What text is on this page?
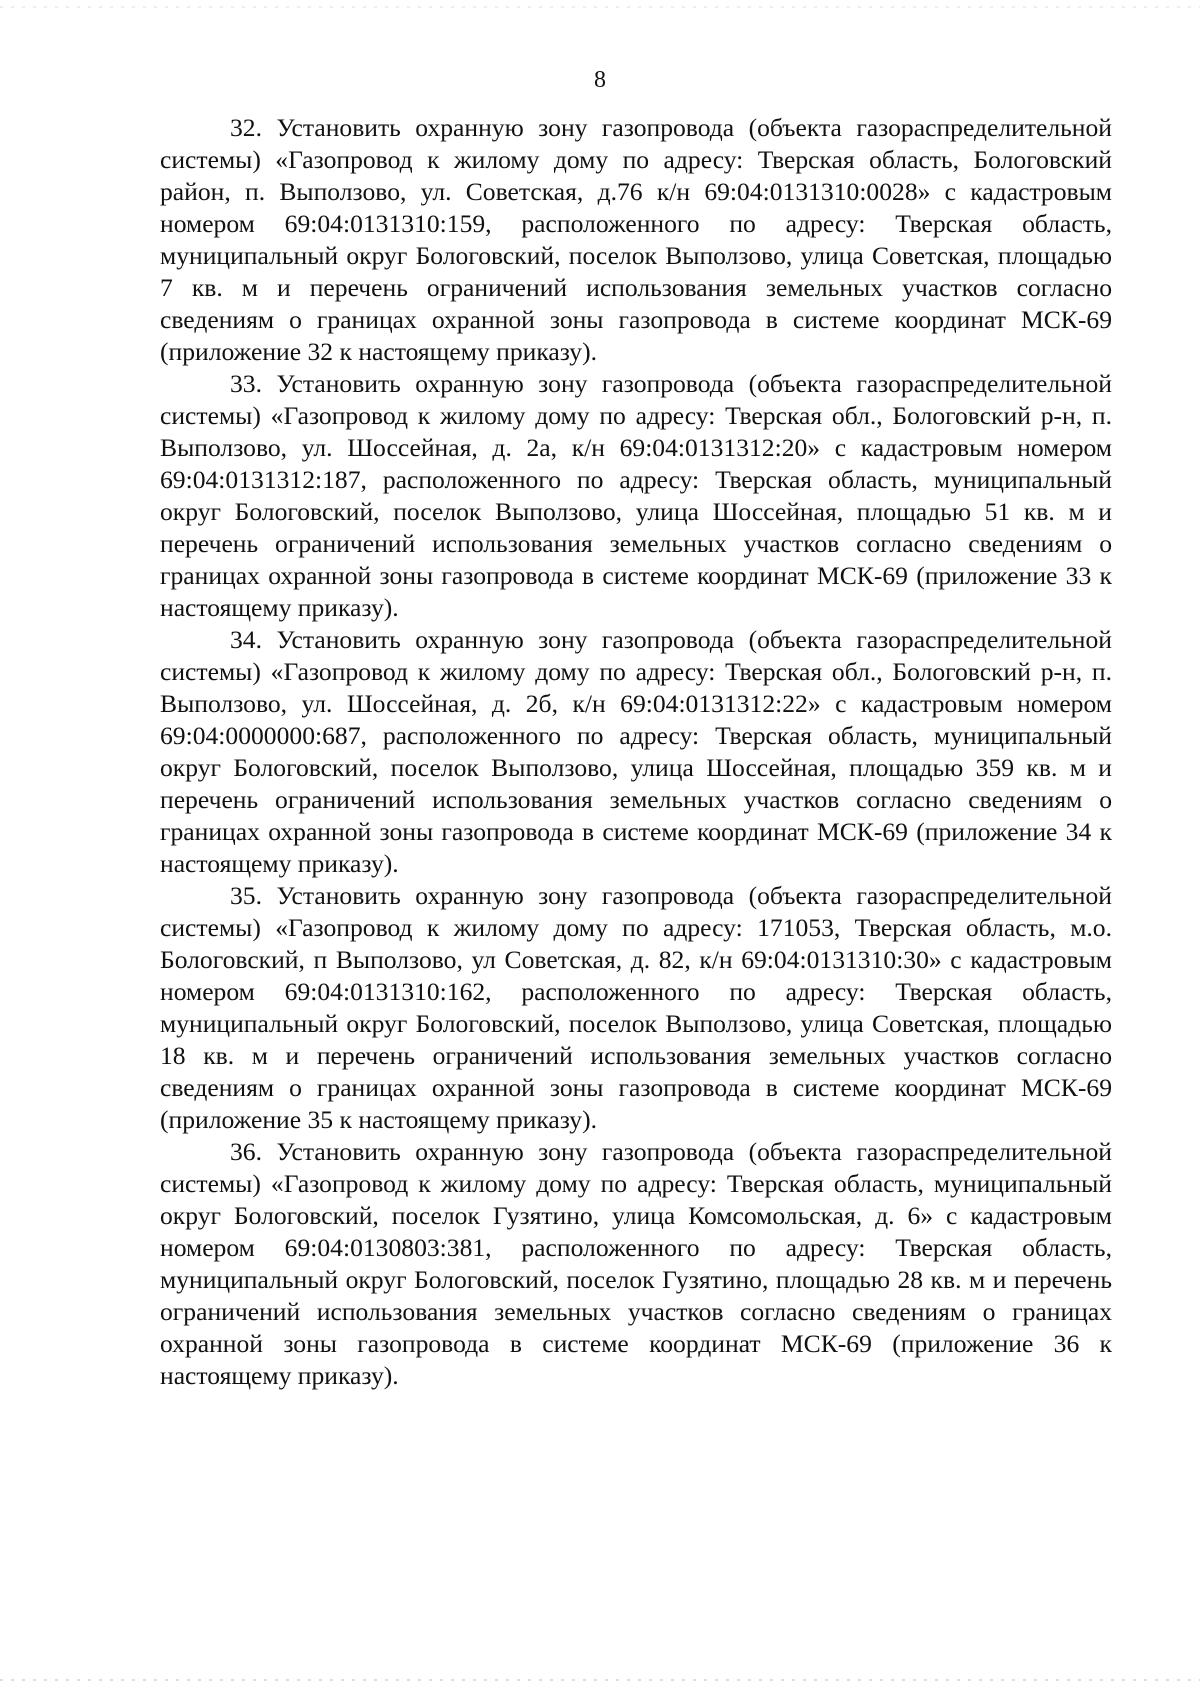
8

32. Установить охранную зону газопровода (объекта газораспределительной системы) «Газопровод к жилому дому по адресу: Тверская область, Бологовский район, п. Выползово, ул. Советская, д.76 к/н 69:04:0131310:0028» с кадастровым номером 69:04:0131310:159, расположенного по адресу: Тверская область, муниципальный округ Бологовский, поселок Выползово, улица Советская, площадью 7 кв. м и перечень ограничений использования земельных участков согласно сведениям о границах охранной зоны газопровода в системе координат МСК-69 (приложение 32 к настоящему приказу).

33. Установить охранную зону газопровода (объекта газораспределительной системы) «Газопровод к жилому дому по адресу: Тверская обл., Бологовский р-н, п. Выползово, ул. Шоссейная, д. 2а, к/н 69:04:0131312:20» с кадастровым номером 69:04:0131312:187, расположенного по адресу: Тверская область, муниципальный округ Бологовский, поселок Выползово, улица Шоссейная, площадью 51 кв. м и перечень ограничений использования земельных участков согласно сведениям о границах охранной зоны газопровода в системе координат МСК-69 (приложение 33 к настоящему приказу).

34. Установить охранную зону газопровода (объекта газораспределительной системы) «Газопровод к жилому дому по адресу: Тверская обл., Бологовский р-н, п. Выползово, ул. Шоссейная, д. 2б, к/н 69:04:0131312:22» с кадастровым номером 69:04:0000000:687, расположенного по адресу: Тверская область, муниципальный округ Бологовский, поселок Выползово, улица Шоссейная, площадью 359 кв. м и перечень ограничений использования земельных участков согласно сведениям о границах охранной зоны газопровода в системе координат МСК-69 (приложение 34 к настоящему приказу).

35. Установить охранную зону газопровода (объекта газораспределительной системы) «Газопровод к жилому дому по адресу: 171053, Тверская область, м.о. Бологовский, п Выползово, ул Советская, д. 82, к/н 69:04:0131310:30» с кадастровым номером 69:04:0131310:162, расположенного по адресу: Тверская область, муниципальный округ Бологовский, поселок Выползово, улица Советская, площадью 18 кв. м и перечень ограничений использования земельных участков согласно сведениям о границах охранной зоны газопровода в системе координат МСК-69 (приложение 35 к настоящему приказу).

36. Установить охранную зону газопровода (объекта газораспределительной системы) «Газопровод к жилому дому по адресу: Тверская область, муниципальный округ Бологовский, поселок Гузятино, улица Комсомольская, д. 6» с кадастровым номером 69:04:0130803:381, расположенного по адресу: Тверская область, муниципальный округ Бологовский, поселок Гузятино, площадью 28 кв. м и перечень ограничений использования земельных участков согласно сведениям о границах охранной зоны газопровода в системе координат МСК-69 (приложение 36 к настоящему приказу).
